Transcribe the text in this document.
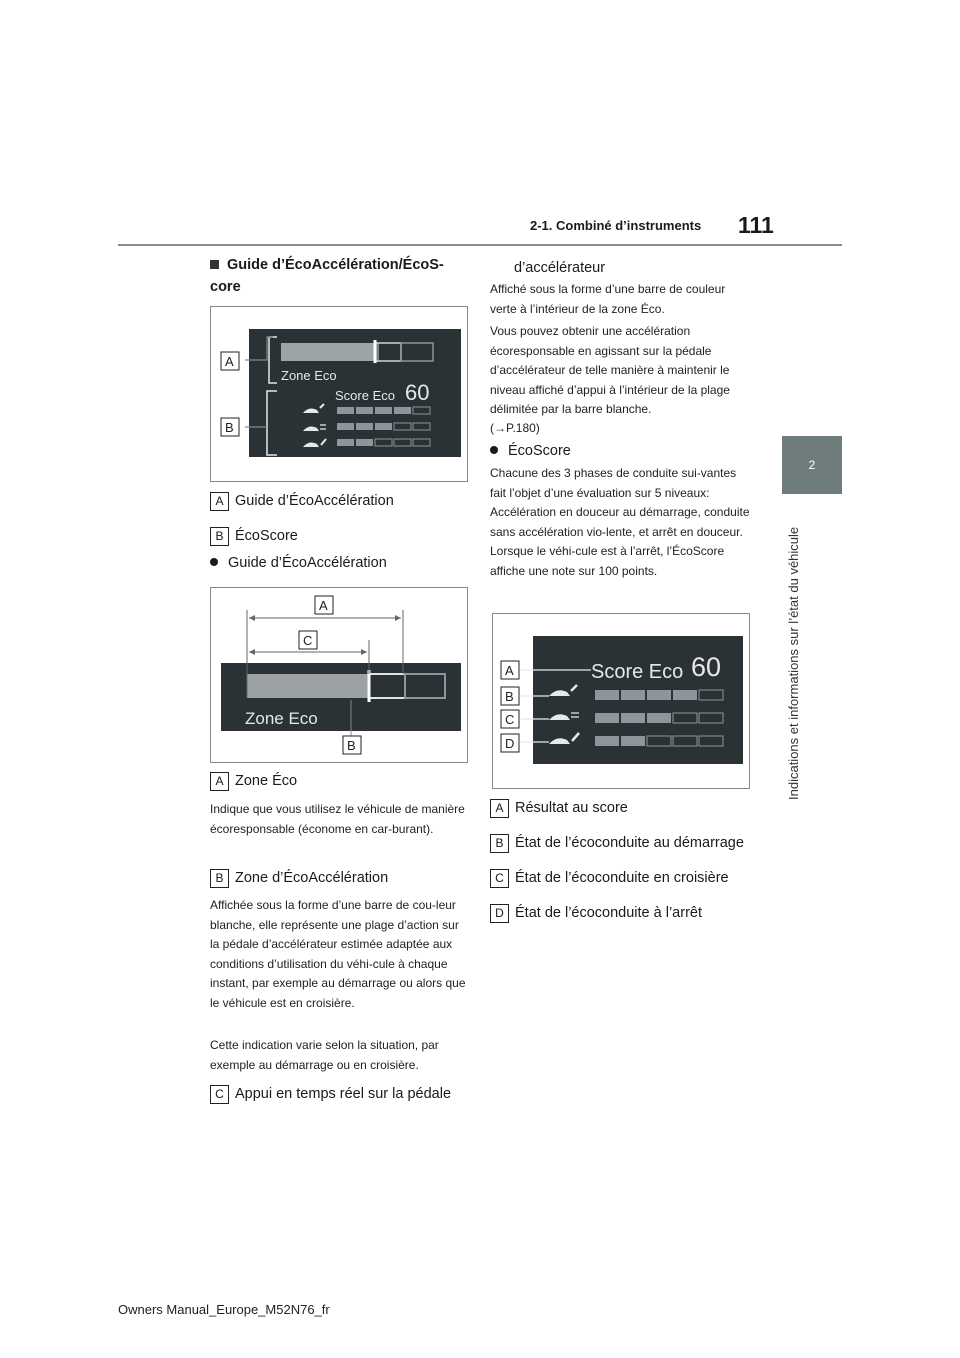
2-1. Combiné d’instruments 111
2
Indications et informations sur l’état du véhicule
Guide d’ÉcoAccélération/ÉcoS-core
Zone Eco
Score Eco 60
A
B
A Guide d’ÉcoAccélération
B ÉcoScore
Guide d’ÉcoAccélération
Zone Eco
A
C
B
A Zone Éco
Indique que vous utilisez le véhicule de manière écoresponsable (économe en car-burant).
B Zone d’ÉcoAccélération
Affichée sous la forme d’une barre de cou-leur blanche, elle représente une plage d’action sur la pédale d’accélérateur estimée adaptée aux conditions d’utilisation du véhi-cule à chaque instant, par exemple au démarrage ou alors que le véhicule est en croisière.
Cette indication varie selon la situation, par exemple au démarrage ou en croisière.
C Appui en temps réel sur la pédale
d’accélérateur
Affiché sous la forme d’une barre de couleur verte à l’intérieur de la zone Éco.
Vous pouvez obtenir une accélération écoresponsable en agissant sur la pédale d’accélérateur de telle manière à maintenir le niveau affiché d’appui à l’intérieur de la plage délimitée par la barre blanche.
(→P.180)
ÉcoScore
Chacune des 3 phases de conduite sui-vantes fait l’objet d’une évaluation sur 5 niveaux: Accélération en douceur au démarrage, conduite sans accélération vio-lente, et arrêt en douceur. Lorsque le véhi-cule est à l’arrêt, l’ÉcoScore affiche une note sur 100 points.
Score Eco 60
A
B
C
D
A Résultat au score
B État de l’écoconduite au démarrage
C État de l’écoconduite en croisière
D État de l’écoconduite à l’arrêt
Owners Manual_Europe_M52N76_fr
